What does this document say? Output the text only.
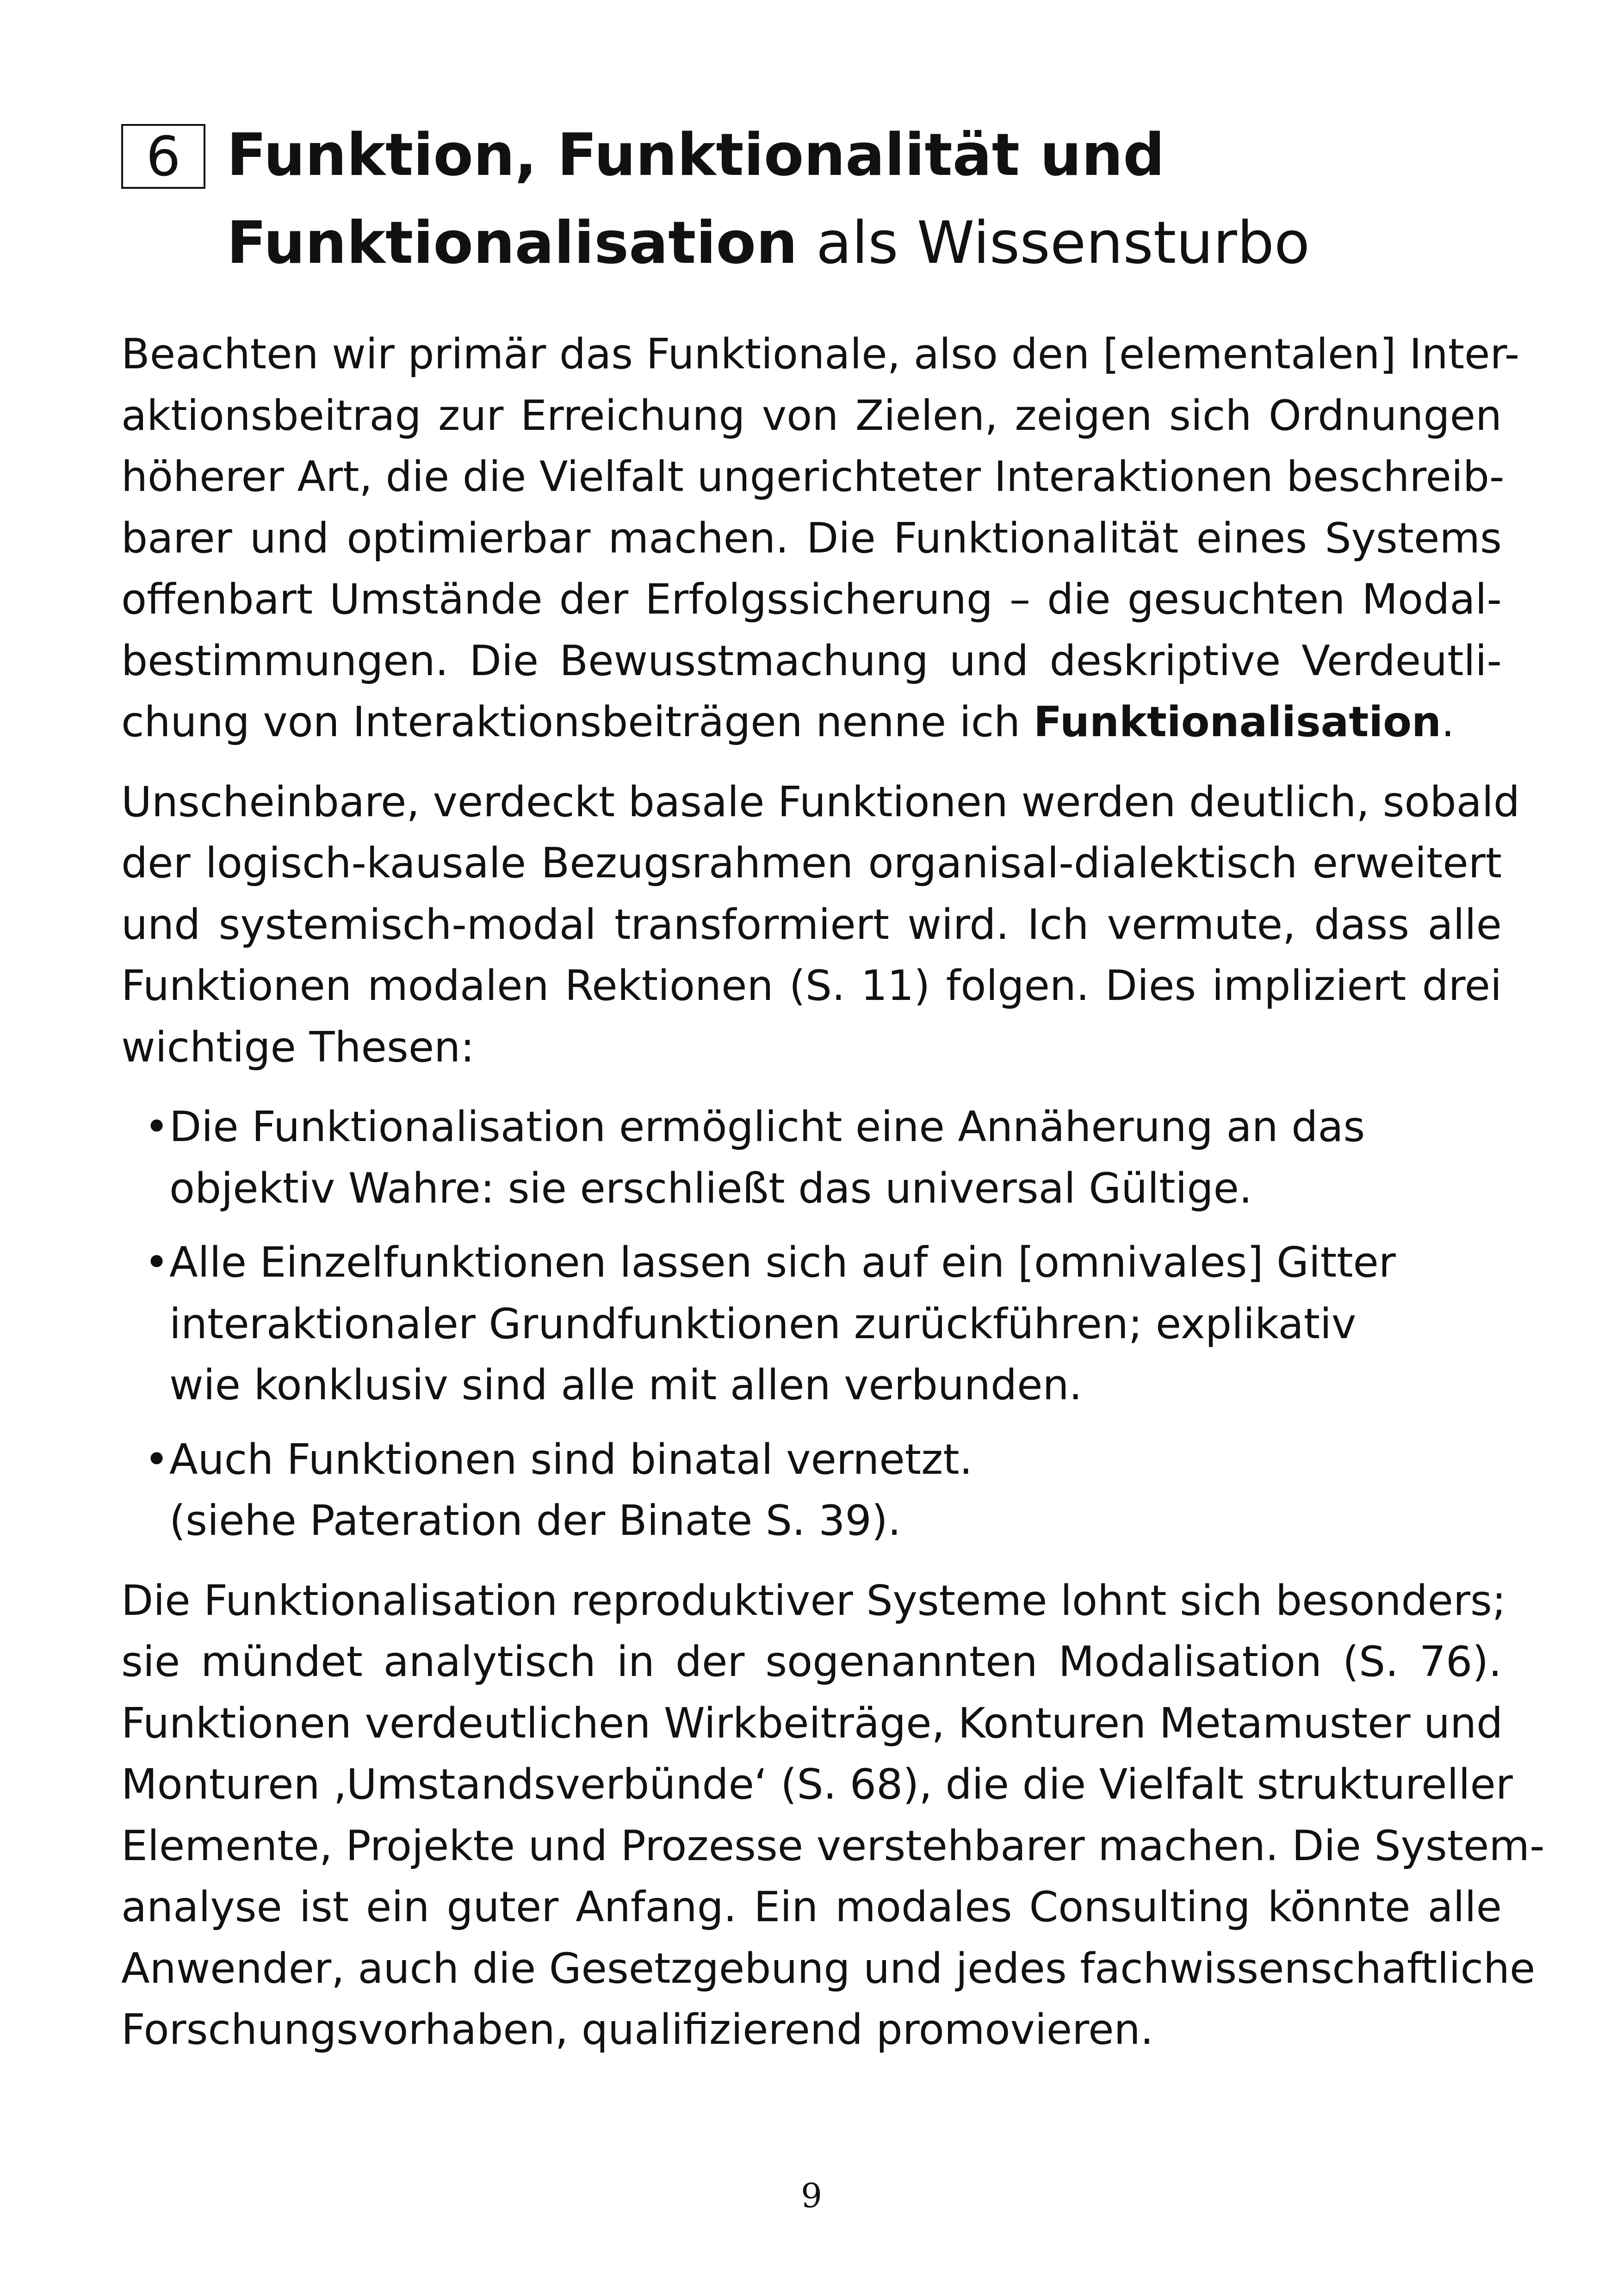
6 Funktion, Funktionalität und
Funktionalisation als Wissensturbo
Beachten wir primär das Funktionale, also den [elementalen] Inter-
aktionsbeitrag zur Erreichung von Zielen, zeigen sich Ordnungen
höherer Art, die die Vielfalt ungerichteter Interaktionen beschreib-
barer und optimierbar machen. Die Funktionalität eines Systems
offenbart Umstände der Erfolgssicherung – die gesuchten Modal-
bestimmungen. Die Bewusstmachung und deskriptive Verdeutli-
chung von Interaktionsbeiträgen nenne ich Funktionalisation.
Unscheinbare, verdeckt basale Funktionen werden deutlich, sobald
der logisch-kausale Bezugsrahmen organisal-dialektisch erweitert
und systemisch-modal transformiert wird. Ich vermute, dass alle
Funktionen modalen Rektionen (S. 11) folgen. Dies impliziert drei
wichtige Thesen:
• Die Funktionalisation ermöglicht eine Annäherung an das
objektiv Wahre: sie erschließt das universal Gültige.
• Alle Einzelfunktionen lassen sich auf ein [omnivales] Gitter
interaktionaler Grundfunktionen zurückführen; explikativ
wie konklusiv sind alle mit allen verbunden.
• Auch Funktionen sind binatal vernetzt.
(siehe Pateration der Binate S. 39).
Die Funktionalisation reproduktiver Systeme lohnt sich besonders;
sie mündet analytisch in der sogenannten Modalisation (S. 76).
Funktionen verdeutlichen Wirkbeiträge, Konturen Metamuster und
Monturen ‚Umstandsverbünde‘ (S. 68), die die Vielfalt struktureller
Elemente, Projekte und Prozesse verstehbarer machen. Die System-
analyse ist ein guter Anfang. Ein modales Consulting könnte alle
Anwender, auch die Gesetzgebung und jedes fachwissenschaftliche
Forschungsvorhaben, qualifizierend promovieren.
9
